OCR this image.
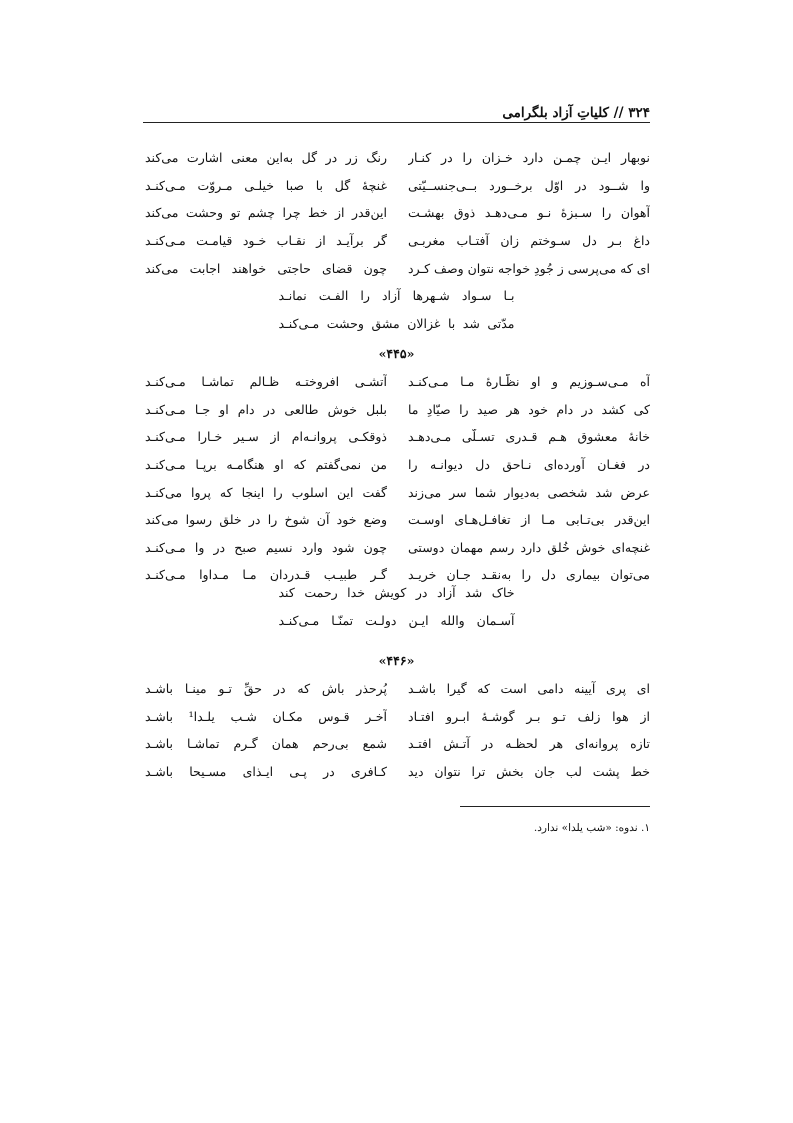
۳۲۴ // کلیاتِ آزاد بلگرامی
نوبهار ایـن چمـن دارد خـزان را در کنـار
رنگ زر در گل به‌این معنی اشارت می‌کند
وا شــود در اوّل برخــورد بــی‌جنســیّتی
غنچهٔ گل با صبا خیلـی مـروّت مـی‌کنـد
آهوان را سـبزهٔ نـو مـی‌دهـد ذوق بهشـت
این‌قدر از خط چرا چشم تو وحشت می‌کند
داغ بـر دل سـوختم زان آفتـاب مغربـی
گر برآیـد از نقـاب خـود قیامـت مـی‌کنـد
ای که می‌پرسی ز جُودِ خواجه نتوان وصف کـرد
چون قضای حاجتی خواهند اجابت می‌کند
بـا سـواد شـهرها آزاد را الفـت نمانـد
مدّتی شد با غزالان مشق وحشت مـی‌کنـد
«۴۴۵»
آه مـی‌سـوزیم و او نظّـارهٔ مـا مـی‌کنـد
آتشـی افروختـه ظـالم تماشـا مـی‌کنـد
کی کشد در دام خود هر صید را صیّادِ ما
بلبل خوش طالعی در دام او جـا مـی‌کنـد
خانهٔ معشوق هـم قـدری تسـلّی مـی‌دهـد
ذوقکـی پروانـه‌ام از سـیر خـارا مـی‌کنـد
در فغـان آورده‌ای نـاحق دل دیوانـه را
من نمی‌گفتم که او هنگامـه برپـا مـی‌کنـد
عرض شد شخصی به‌دیوار شما سر می‌زند
گفت این اسلوب را اینجا که پروا می‌کنـد
این‌قدر بی‌تـابی مـا از تغافـل‌هـای اوسـت
وضع خود آن شوخ را در خلق رسوا می‌کند
غنچه‌ای خوش خُلق دارد رسم مهمان دوستی
چون شود وارد نسیم صبح در وا مـی‌کنـد
می‌توان بیماریِ دل را به‌نقـد جـان خریـد
گـر طبیـب قـدردانِ مـا مـداوا مـی‌کنـد
خاک شد آزاد در کویش خدا رحمت کند
آسـمان والله ایـن دولـت تمنّـا مـی‌کنـد
«۴۴۶»
ای پری آیینه دامی است که گیرا باشـد
پُرحذر باش که در حقِّ تـو مینـا باشـد
از هوا زلف تـو بـر گوشـهٔ ابـرو افتـاد
آخـر قـوس مکـان شـب یلـدا¹ باشـد
تازه پروانه‌ای هر لحظـه در آتـش افتـد
شمع بی‌رحم همان گـرم تماشـا باشـد
خط پشت لب جان بخش ترا نتوان دید
کـافری در پـی ایـذای مسـیحا باشـد
۱. ندوه: «شب یلدا» ندارد.
